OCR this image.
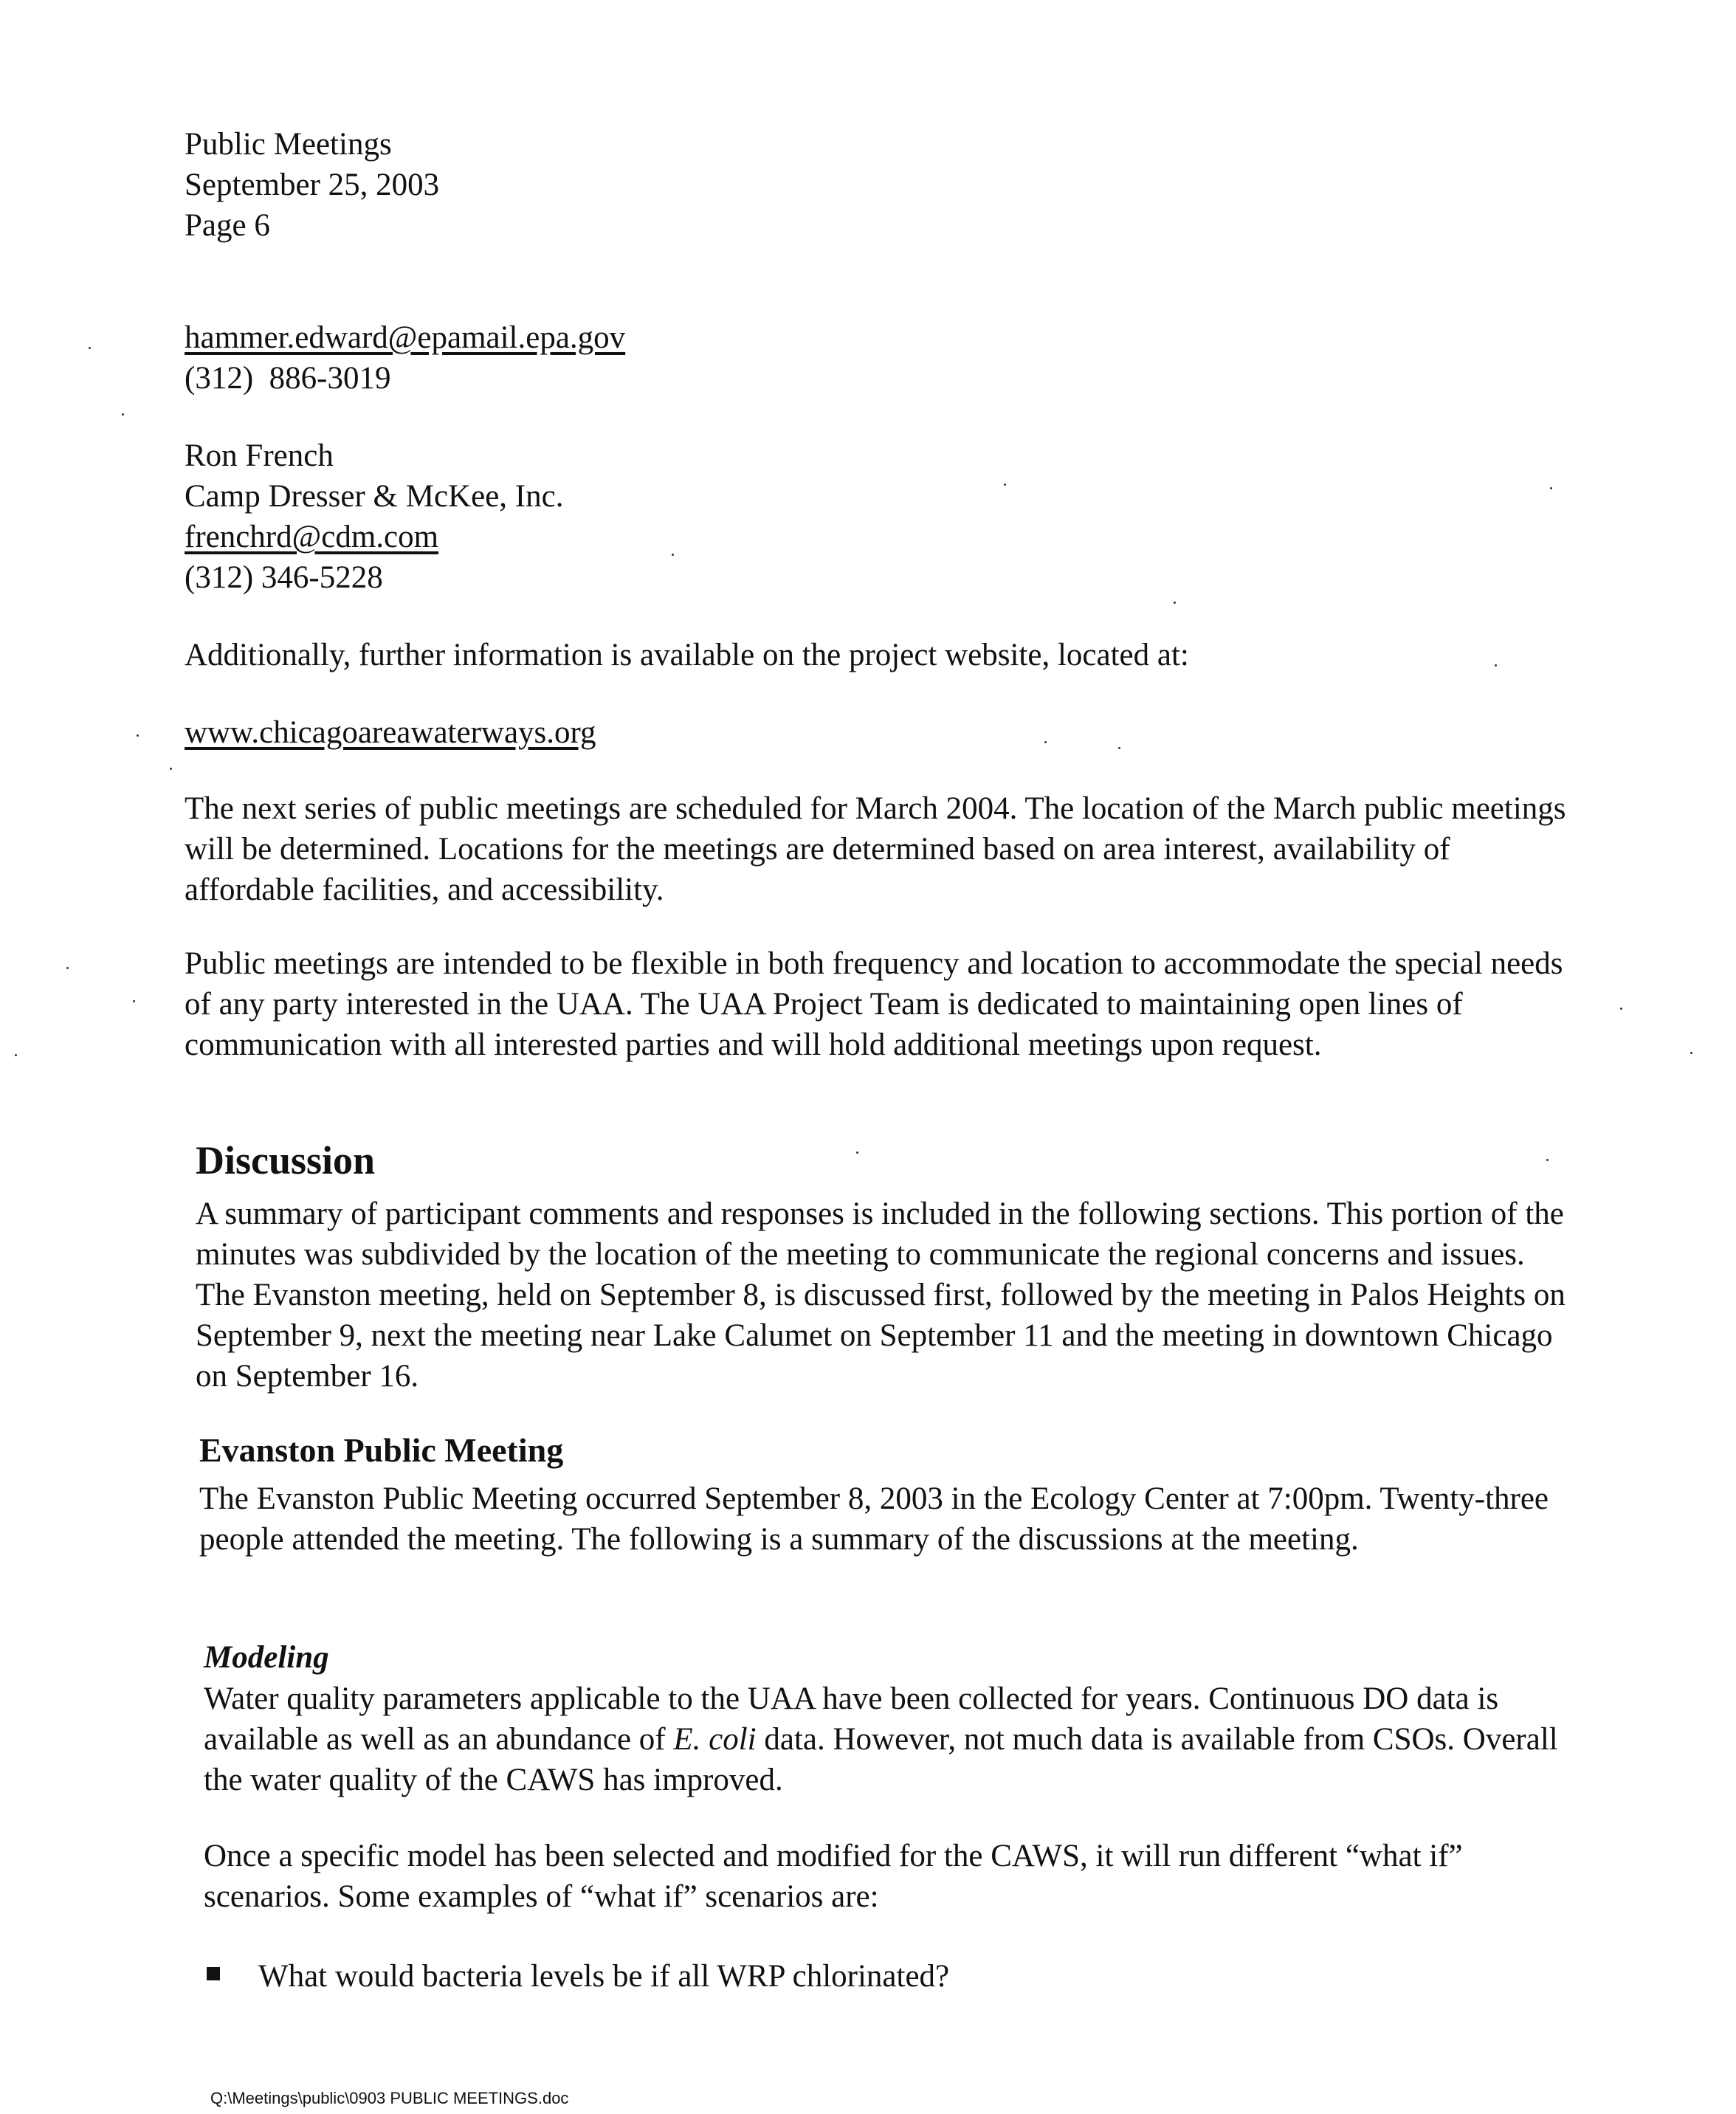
Public Meetings
September 25, 2003
Page 6
hammer.edward@epamail.epa.gov
(312)  886-3019
Ron French
Camp Dresser & McKee, Inc.
frenchrd@cdm.com
(312) 346-5228
Additionally, further information is available on the project website, located at:
www.chicagoareawaterways.org
The next series of public meetings are scheduled for March 2004. The location of the March public meetings will be determined. Locations for the meetings are determined based on area interest, availability of affordable facilities, and accessibility.
Public meetings are intended to be flexible in both frequency and location to accommodate the special needs of any party interested in the UAA. The UAA Project Team is dedicated to maintaining open lines of communication with all interested parties and will hold additional meetings upon request.
Discussion
A summary of participant comments and responses is included in the following sections. This portion of the minutes was subdivided by the location of the meeting to communicate the regional concerns and issues. The Evanston meeting, held on September 8, is discussed first, followed by the meeting in Palos Heights on September 9, next the meeting near Lake Calumet on September 11 and the meeting in downtown Chicago on September 16.
Evanston Public Meeting
The Evanston Public Meeting occurred September 8, 2003 in the Ecology Center at 7:00pm. Twenty-three people attended the meeting. The following is a summary of the discussions at the meeting.
Modeling
Water quality parameters applicable to the UAA have been collected for years. Continuous DO data is available as well as an abundance of E. coli data. However, not much data is available from CSOs. Overall the water quality of the CAWS has improved.
Once a specific model has been selected and modified for the CAWS, it will run different “what if” scenarios. Some examples of “what if” scenarios are:
What would bacteria levels be if all WRP chlorinated?
Q:\Meetings\public\0903 PUBLIC MEETINGS.doc
